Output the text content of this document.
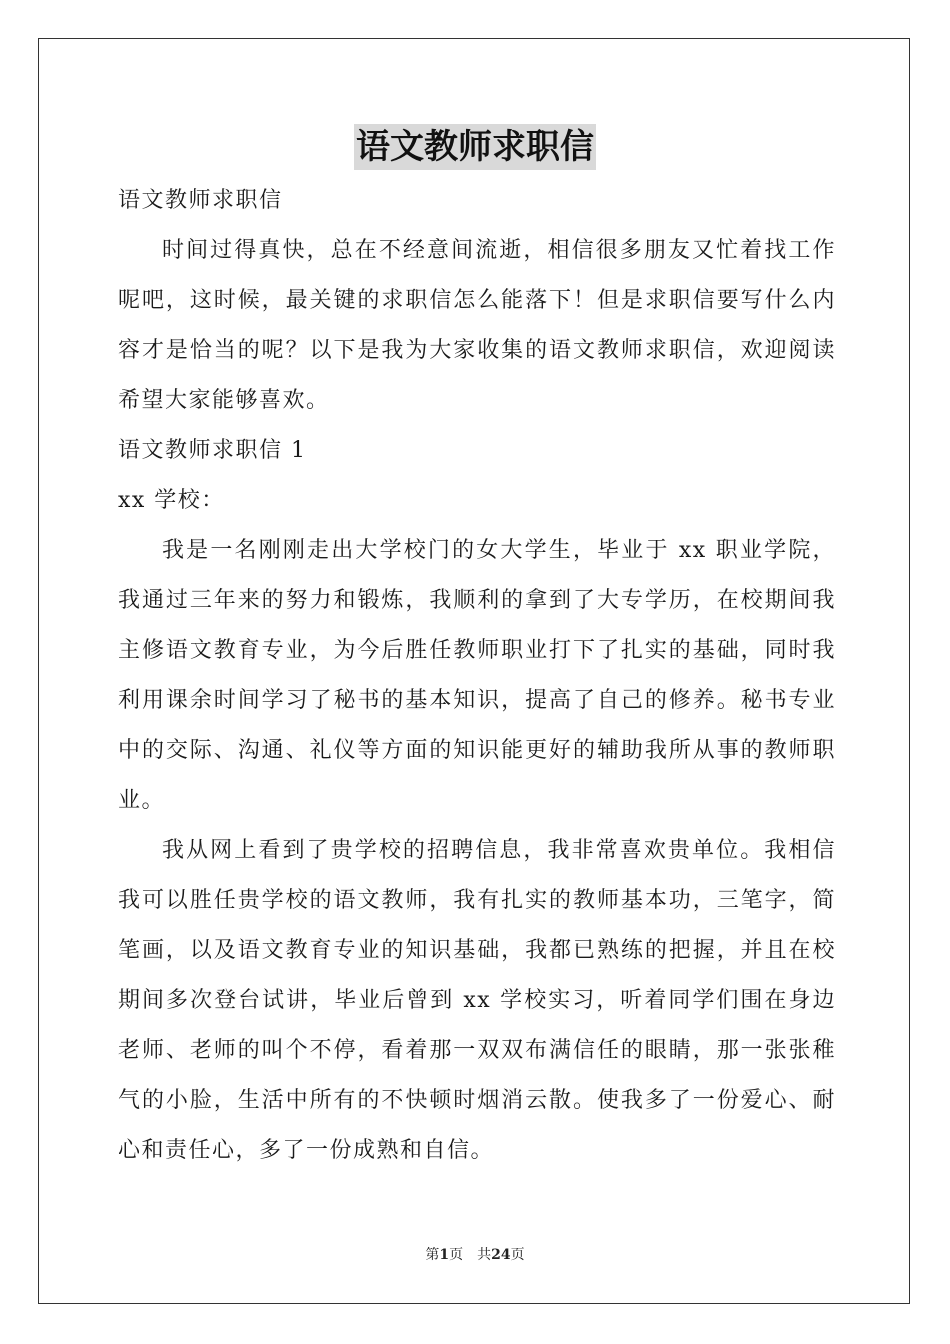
语文教师求职信

语文教师求职信

时间过得真快，总在不经意间流逝，相信很多朋友又忙着找工作呢吧，这时候，最关键的求职信怎么能落下！但是求职信要写什么内容才是恰当的呢？以下是我为大家收集的语文教师求职信，欢迎阅读希望大家能够喜欢。

语文教师求职信 1

xx 学校：

我是一名刚刚走出大学校门的女大学生，毕业于 xx 职业学院，我通过三年来的努力和锻炼，我顺利的拿到了大专学历，在校期间我主修语文教育专业，为今后胜任教师职业打下了扎实的基础，同时我利用课余时间学习了秘书的基本知识，提高了自己的修养。秘书专业中的交际、沟通、礼仪等方面的知识能更好的辅助我所从事的教师职业。

我从网上看到了贵学校的招聘信息，我非常喜欢贵单位。我相信我可以胜任贵学校的语文教师，我有扎实的教师基本功，三笔字，简笔画，以及语文教育专业的知识基础，我都已熟练的把握，并且在校期间多次登台试讲，毕业后曾到 xx 学校实习，听着同学们围在身边老师、老师的叫个不停，看着那一双双布满信任的眼睛，那一张张稚气的小脸，生活中所有的不快顿时烟消云散。使我多了一份爱心、耐心和责任心，多了一份成熟和自信。

第1页 共24页
